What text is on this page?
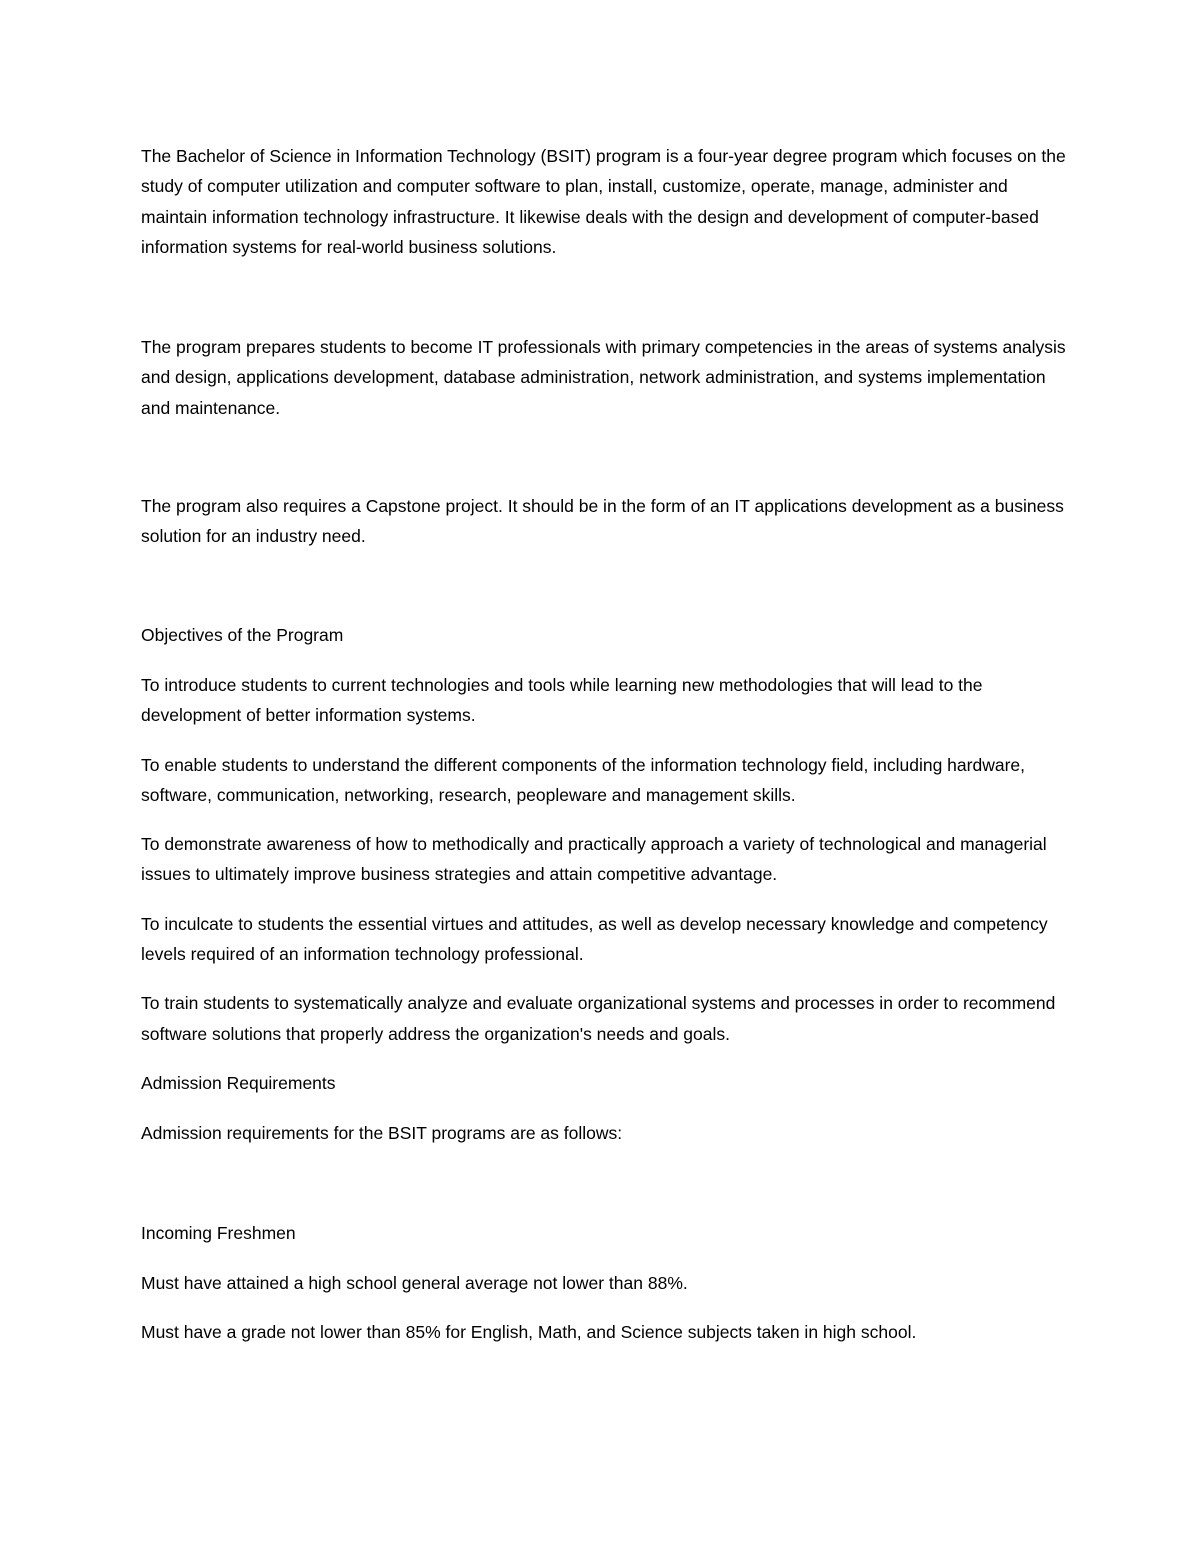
The Bachelor of Science in Information Technology (BSIT) program is a four-year degree program which focuses on the study of computer utilization and computer software to plan, install, customize, operate, manage, administer and maintain information technology infrastructure. It likewise deals with the design and development of computer-based information systems for real-world business solutions.

The program prepares students to become IT professionals with primary competencies in the areas of systems analysis and design, applications development, database administration, network administration, and systems implementation and maintenance.

The program also requires a Capstone project. It should be in the form of an IT applications development as a business solution for an industry need.

Objectives of the Program

To introduce students to current technologies and tools while learning new methodologies that will lead to the development of better information systems.

To enable students to understand the different components of the information technology field, including hardware, software, communication, networking, research, peopleware and management skills.

To demonstrate awareness of how to methodically and practically approach a variety of technological and managerial issues to ultimately improve business strategies and attain competitive advantage.

To inculcate to students the essential virtues and attitudes, as well as develop necessary knowledge and competency levels required of an information technology professional.

To train students to systematically analyze and evaluate organizational systems and processes in order to recommend software solutions that properly address the organization's needs and goals.

Admission Requirements

Admission requirements for the BSIT programs are as follows:

Incoming Freshmen

Must have attained a high school general average not lower than 88%.

Must have a grade not lower than 85% for English, Math, and Science subjects taken in high school.
